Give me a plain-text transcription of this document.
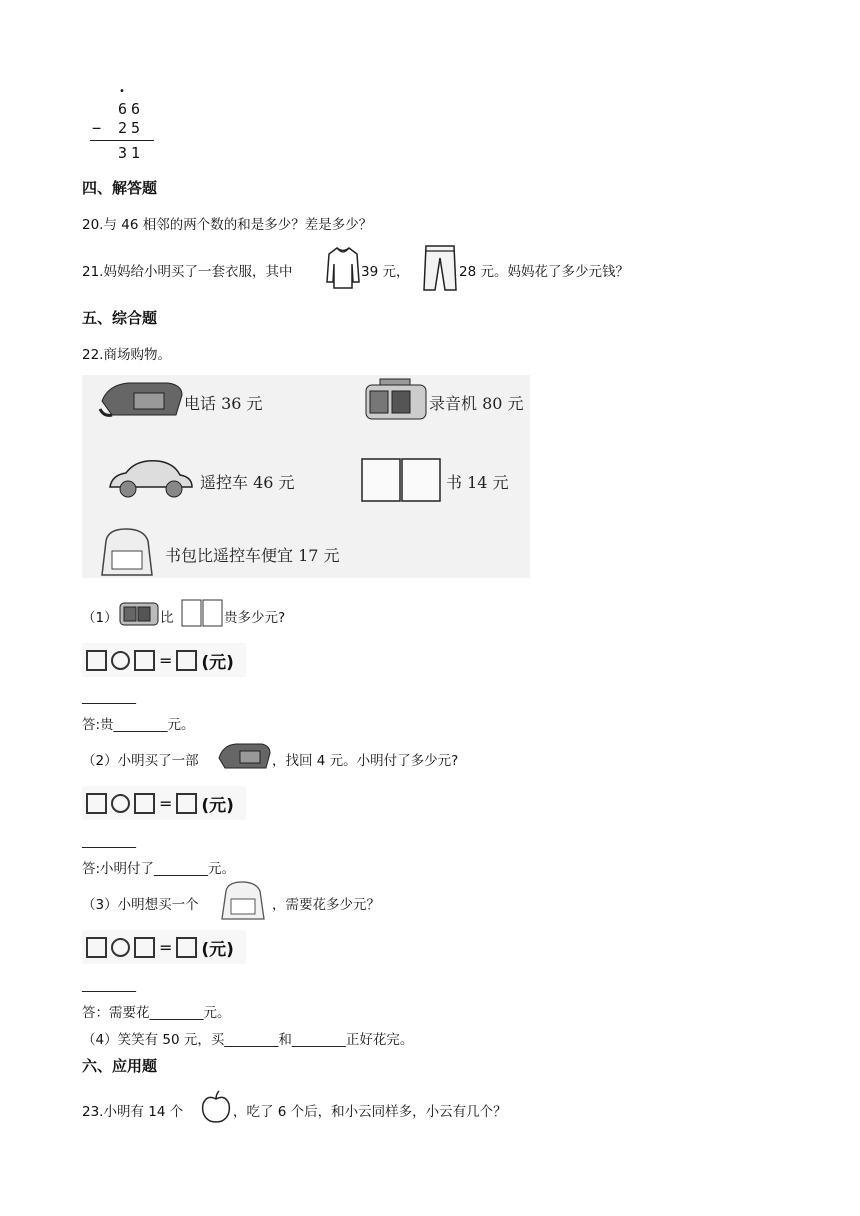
•
66
− 25
31
四、解答题
20.与 46 相邻的两个数的和是多少？差是多少？
21.妈妈给小明买了一套衣服，其中	39 元，	28 元。妈妈花了多少元钱？
五、综合题
22.商场购物。
电话 36 元	录音机 80 元
遥控车 46 元	书 14 元
书包比遥控车便宜 17 元
（1）	比	贵多少元?
= (元)
________
答:贵________元。
（2）小明买了一部	，找回 4 元。小明付了多少元?
= (元)
________
答:小明付了________元。
（3）小明想买一个	，需要花多少元？
= (元)
________
答：需要花________元。
（4）笑笑有 50 元，买________和________正好花完。
六、应用题
23.小明有 14 个	，吃了 6 个后，和小云同样多，小云有几个？
